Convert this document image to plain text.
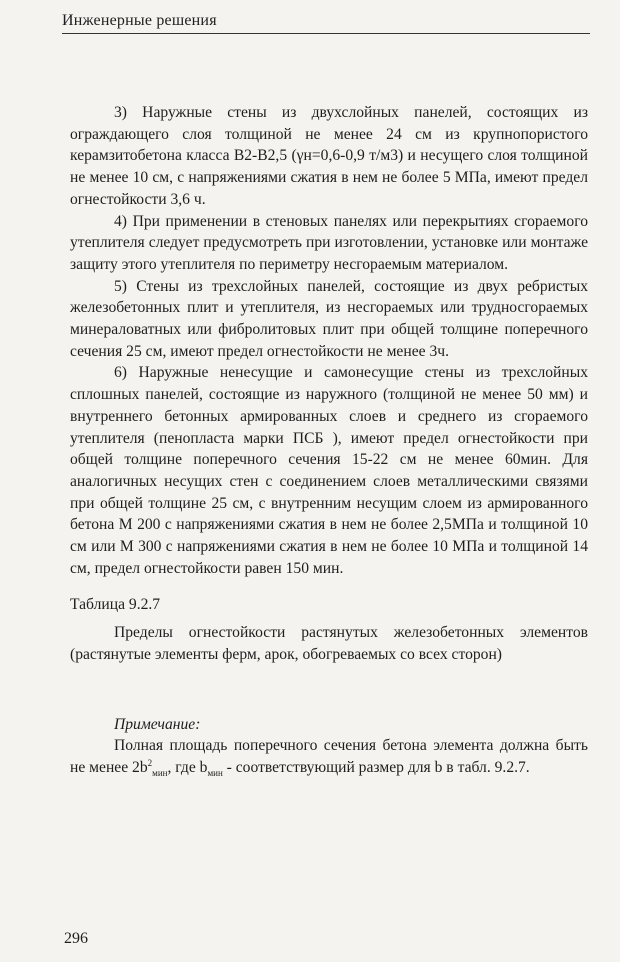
Инженерные решения

3) Наружные стены из двухслойных панелей, состоящих из ограждающего слоя толщиной не менее 24 см из крупнопористого керамзитобетона класса В2-В2,5 (γн=0,6-0,9 т/м3) и несущего слоя толщиной не менее 10 см, с напряжениями сжатия в нем не более 5 МПа, имеют предел огнестойкости 3,6 ч.

4) При применении в стеновых панелях или перекрытиях сгораемого утеплителя следует предусмотреть при изготовлении, установке или монтаже защиту этого утеплителя по периметру несгораемым материалом.

5) Стены из трехслойных панелей, состоящие из двух ребристых железобетонных плит и утеплителя, из несгораемых или трудносгораемых минераловатных или фибролитовых плит при общей толщине поперечного сечения 25 см, имеют предел огнестойкости не менее 3ч.

6) Наружные ненесущие и самонесущие стены из трехслойных сплошных панелей, состоящие из наружного (толщиной не менее 50 мм) и внутреннего бетонных армированных слоев и среднего из сгораемого утеплителя (пенопласта марки ПСБ ), имеют предел огнестойкости при общей толщине поперечного сечения 15-22 см не менее 60мин. Для аналогичных несущих стен с соединением слоев металлическими связями при общей толщине 25 см, с внутренним несущим слоем из армированного бетона М 200 с напряжениями сжатия в нем не более 2,5МПа и толщиной 10 см или М 300 с напряжениями сжатия в нем не более 10 МПа и толщиной 14 см, предел огнестойкости равен 150 мин.

Таблица 9.2.7

Пределы огнестойкости растянутых железобетонных элементов (растянутые элементы ферм, арок, обогреваемых со всех сторон)

Примечание:

Полная площадь поперечного сечения бетона элемента должна быть не менее $2b^2_{мин}$, где $b_{мин}$ - соответствующий размер для b в табл. 9.2.7.

296
